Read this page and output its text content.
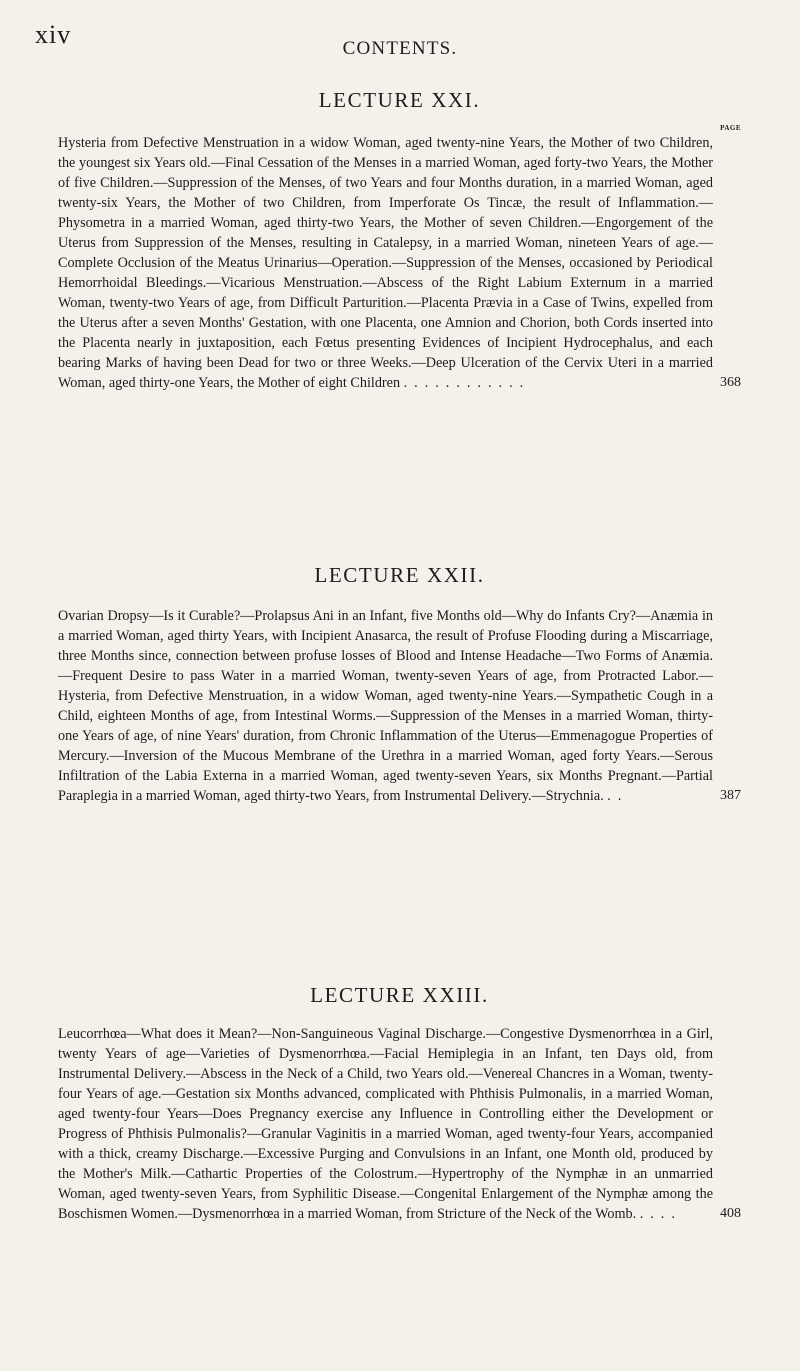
xiv	CONTENTS.
LECTURE XXI.
PAGE

Hysteria from Defective Menstruation in a widow Woman, aged twenty-nine Years, the Mother of two Children, the youngest six Years old.—Final Cessation of the Menses in a married Woman, aged forty-two Years, the Mother of five Children.—Suppression of the Menses, of two Years and four Months duration, in a married Woman, aged twenty-six Years, the Mother of two Children, from Imperforate Os Tincæ, the result of Inflammation.—Physometra in a married Woman, aged thirty-two Years, the Mother of seven Children.—Engorgement of the Uterus from Suppression of the Menses, resulting in Catalepsy, in a married Woman, nineteen Years of age.—Complete Occlusion of the Meatus Urinarius—Operation.—Suppression of the Menses, occasioned by Periodical Hemorrhoidal Bleedings.—Vicarious Menstruation.—Abscess of the Right Labium Externum in a married Woman, twenty-two Years of age, from Difficult Parturition.—Placenta Prævia in a Case of Twins, expelled from the Uterus after a seven Months' Gestation, with one Placenta, one Amnion and Chorion, both Cords inserted into the Placenta nearly in juxtaposition, each Fœtus presenting Evidences of Incipient Hydrocephalus, and each bearing Marks of having been Dead for two or three Weeks.—Deep Ulceration of the Cervix Uteri in a married Woman, aged thirty-one Years, the Mother of eight Children ............	368

LECTURE XXII.

Ovarian Dropsy—Is it Curable?—Prolapsus Ani in an Infant, five Months old—Why do Infants Cry?—Anæmia in a married Woman, aged thirty Years, with Incipient Anasarca, the result of Profuse Flooding during a Miscarriage, three Months since, connection between profuse losses of Blood and Intense Headache—Two Forms of Anæmia.—Frequent Desire to pass Water in a married Woman, twenty-seven Years of age, from Protracted Labor.—Hysteria, from Defective Menstruation, in a widow Woman, aged twenty-nine Years.—Sympathetic Cough in a Child, eighteen Months of age, from Intestinal Worms.—Suppression of the Menses in a married Woman, thirty-one Years of age, of nine Years' duration, from Chronic Inflammation of the Uterus—Emmenagogue Properties of Mercury.—Inversion of the Mucous Membrane of the Urethra in a married Woman, aged forty Years.—Serous Infiltration of the Labia Externa in a married Woman, aged twenty-seven Years, six Months Pregnant.—Partial Paraplegia in a married Woman, aged thirty-two Years, from Instrumental Delivery.—Strychnia. ..	387

LECTURE XXIII.

Leucorrhœa—What does it Mean?—Non-Sanguineous Vaginal Discharge.—Congestive Dysmenorrhœa in a Girl, twenty Years of age—Varieties of Dysmenorrhœa.—Facial Hemiplegia in an Infant, ten Days old, from Instrumental Delivery.—Abscess in the Neck of a Child, two Years old.—Venereal Chancres in a Woman, twenty-four Years of age.—Gestation six Months advanced, complicated with Phthisis Pulmonalis, in a married Woman, aged twenty-four Years—Does Pregnancy exercise any Influence in Controlling either the Development or Progress of Phthisis Pulmonalis?—Granular Vaginitis in a married Woman, aged twenty-four Years, accompanied with a thick, creamy Discharge.—Excessive Purging and Convulsions in an Infant, one Month old, produced by the Mother's Milk.—Cathartic Properties of the Colostrum.—Hypertrophy of the Nymphæ in an unmarried Woman, aged twenty-seven Years, from Syphilitic Disease.—Congenital Enlargement of the Nymphæ among the Boschismen Women.—Dysmenorrhœa in a married Woman, from Stricture of the Neck of the Womb. ....	408
